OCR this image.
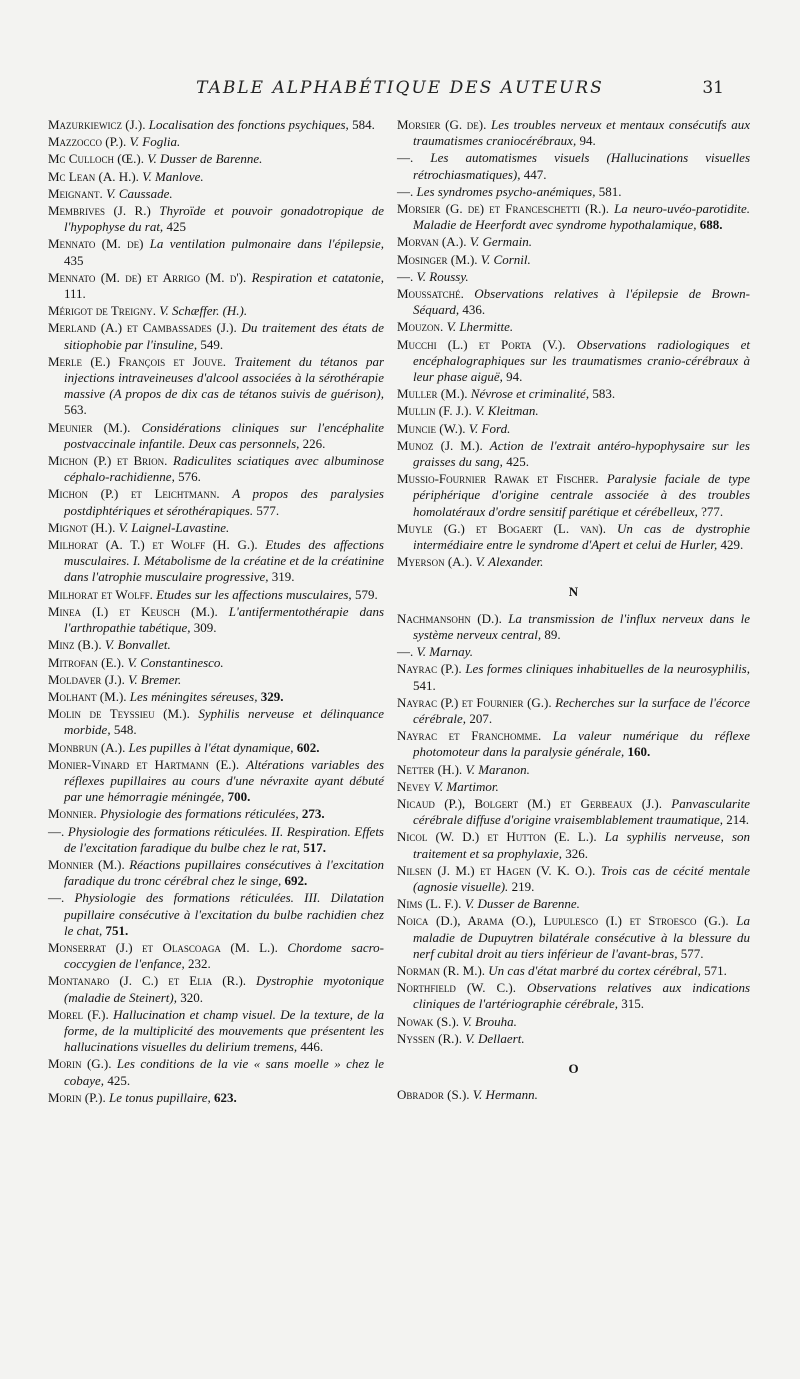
TABLE ALPHABÉTIQUE DES AUTEURS	31
Mazurkiewicz (J.). Localisation des fonctions psychiques, 584.
Mazzocco (P.). V. Foglia.
Mc Culloch (Œ.). V. Dusser de Barenne.
Mc Lean (A. H.). V. Manlove.
Meignant. V. Caussade.
Membrives (J. R.) Thyroïde et pouvoir gonadotropique de l'hypophyse du rat, 425
Mennato (M. de) La ventilation pulmonaire dans l'épilepsie, 435
Mennato (M. de) et Arrigo (M. d'). Respiration et catatonie, 111.
Mérigot de Treigny. V. Schæffer. (H.).
Merland (A.) et Cambassades (J.). Du traitement des états de sitiophobie par l'insuline, 549.
Merle (E.) François et Jouve. Traitement du tétanos par injections intraveineuses d'alcool associées à la sérothérapie massive (A propos de dix cas de tétanos suivis de guérison), 563.
Meunier (M.). Considérations cliniques sur l'encéphalite postvaccinale infantile. Deux cas personnels, 226.
Michon (P.) et Brion. Radiculites sciatiques avec albuminose céphalo-rachidienne, 576.
Michon (P.) et Leichtmann. A propos des paralysies postdiphtériques et sérothérapiques. 577.
Mignot (H.). V. Laignel-Lavastine.
Milhorat (A. T.) et Wolff (H. G.). Etudes des affections musculaires. I. Métabolisme de la créatine et de la créatinine dans l'atrophie musculaire progressive, 319.
Milhorat et Wolff. Etudes sur les affections musculaires, 579.
Minea (I.) et Keusch (M.). L'antifermentothérapie dans l'arthropathie tabétique, 309.
Minz (B.). V. Bonvallet.
Mitrofan (E.). V. Constantinesco.
Moldaver (J.). V. Bremer.
Molhant (M.). Les méningites séreuses, 329.
Molin de Teyssieu (M.). Syphilis nerveuse et délinquance morbide, 548.
Monbrun (A.). Les pupilles à l'état dynamique, 602.
Monier-Vinard et Hartmann (E.). Altérations variables des réflexes pupillaires au cours d'une névraxite ayant débuté par une hémorragie méningée, 700.
Monnier. Physiologie des formations réticulées, 273.
—. Physiologie des formations réticulées. II. Respiration. Effets de l'excitation faradique du bulbe chez le rat, 517.
Monnier (M.). Réactions pupillaires consécutives à l'excitation faradique du tronc cérébral chez le singe, 692.
—. Physiologie des formations réticulées. III. Dilatation pupillaire consécutive à l'excitation du bulbe rachidien chez le chat, 751.
Monserrat (J.) et Olascoaga (M. L.). Chordome sacro-coccygien de l'enfance, 232.
Montanaro (J. C.) et Elia (R.). Dystrophie myotonique (maladie de Steinert), 320.
Morel (F.). Hallucination et champ visuel. De la texture, de la forme, de la multiplicité des mouvements que présentent les hallucinations visuelles du delirium tremens, 446.
Morin (G.). Les conditions de la vie « sans moelle » chez le cobaye, 425.
Morin (P.). Le tonus pupillaire, 623.
Morsier (G. de). Les troubles nerveux et mentaux consécutifs aux traumatismes craniocérébraux, 94.
—. Les automatismes visuels (Hallucinations visuelles rétrochiasmatiques), 447.
—. Les syndromes psycho-anémiques, 581.
Morsier (G. de) et Franceschetti (R.). La neuro-uvéo-parotidite. Maladie de Heerfordt avec syndrome hypothalamique, 688.
Morvan (A.). V. Germain.
Mosinger (M.). V. Cornil.
—. V. Roussy.
Moussatché. Observations relatives à l'épilepsie de Brown-Séquard, 436.
Mouzon. V. Lhermitte.
Mucchi (L.) et Porta (V.). Observations radiologiques et encéphalographiques sur les traumatismes cranio-cérébraux à leur phase aiguë, 94.
Muller (M.). Névrose et criminalité, 583.
Mullin (F. J.). V. Kleitman.
Muncie (W.). V. Ford.
Munoz (J. M.). Action de l'extrait antéro-hypophysaire sur les graisses du sang, 425.
Mussio-Fournier Rawak et Fischer. Paralysie faciale de type périphérique d'origine centrale associée à des troubles homolatéraux d'ordre sensitif parétique et cérébelleux, ?77.
Muyle (G.) et Bogaert (L. van). Un cas de dystrophie intermédiaire entre le syndrome d'Apert et celui de Hurler, 429.
Myerson (A.). V. Alexander.
N
Nachmansohn (D.). La transmission de l'influx nerveux dans le système nerveux central, 89.
—. V. Marnay.
Nayrac (P.). Les formes cliniques inhabituelles de la neurosyphilis, 541.
Nayrac (P.) et Fournier (G.). Recherches sur la surface de l'écorce cérébrale, 207.
Nayrac et Franchomme. La valeur numérique du réflexe photomoteur dans la paralysie générale, 160.
Netter (H.). V. Maranon.
Nevey V. Martimor.
Nicaud (P.), Bolgert (M.) et Gerbeaux (J.). Panvascularite cérébrale diffuse d'origine vraisemblablement traumatique, 214.
Nicol (W. D.) et Hutton (E. L.). La syphilis nerveuse, son traitement et sa prophylaxie, 326.
Nilsen (J. M.) et Hagen (V. K. O.). Trois cas de cécité mentale (agnosie visuelle). 219.
Nims (L. F.). V. Dusser de Barenne.
Noica (D.), Arama (O.), Lupulesco (I.) et Stroesco (G.). La maladie de Dupuytren bilatérale consécutive à la blessure du nerf cubital droit au tiers inférieur de l'avant-bras, 577.
Norman (R. M.). Un cas d'état marbré du cortex cérébral, 571.
Northfield (W. C.). Observations relatives aux indications cliniques de l'artériographie cérébrale, 315.
Nowak (S.). V. Brouha.
Nyssen (R.). V. Dellaert.
O
Obrador (S.). V. Hermann.
